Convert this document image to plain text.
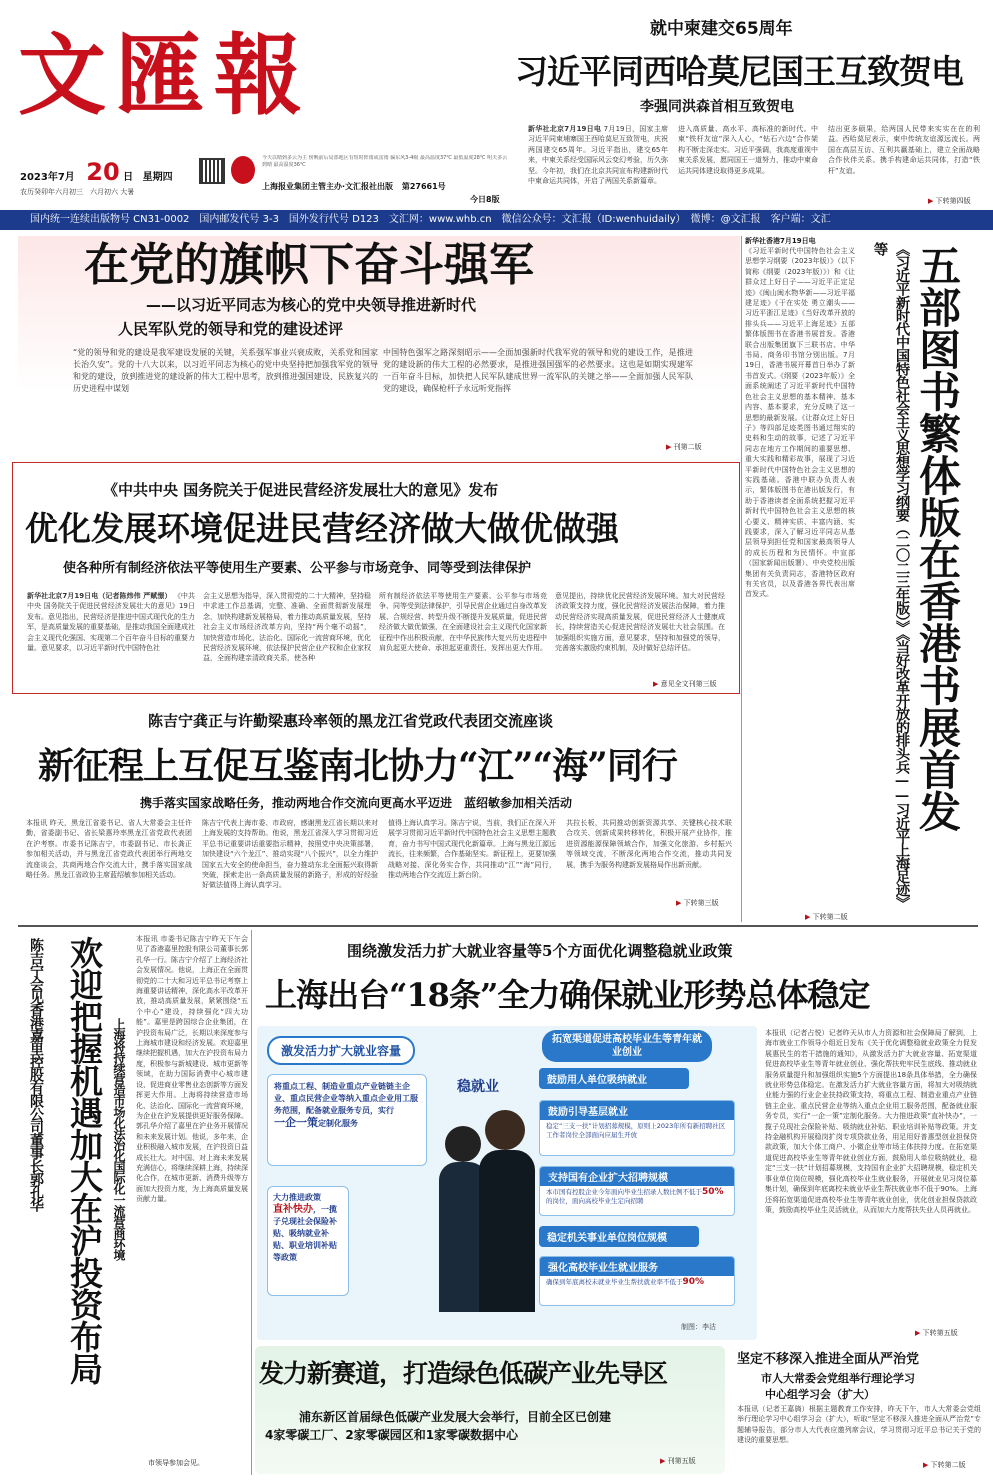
文匯報
2023年7月 20 日 星期四
农历癸卯年六月初三　六月初六 大暑
今天以晴到多云为主 傍晚前后局部地区有短时阵雨或雷雨 偏东风3-4级 最高温度37℃ 最低温度28℃ 明天多云到晴 最高温度36℃
上海报业集团主管主办·文汇报社出版 第27661号
今日8版
就中柬建交65周年
习近平同西哈莫尼国王互致贺电
李强同洪森首相互致贺电
新华社北京7月19日电 7月19日，国家主席习近平同柬埔寨国王西哈莫尼互致贺电，庆祝两国建交65周年。习近平指出，建交65年来，中柬关系经受国际风云变幻考验，历久弥坚。今年初，我们在北京共同宣布构建新时代中柬命运共同体，开启了两国关系新篇章。
进入高质量、高水平、高标准的新时代。中柬“铁杆友谊”深入人心，“钻石六边”合作架构不断走深走实。习近平强调，我高度重视中柬关系发展，愿同国王一道努力，推动中柬命运共同体建设取得更多成果。
结出更多硕果，给两国人民带来实实在在的利益。西哈莫尼表示，柬中传统友谊源远流长。两国在高层互访、互利共赢基础上，建立全面战略合作伙伴关系。携手构建命运共同体，打造“铁杆”友谊。
▶ 下转第四版
国内统一连续出版物号 CN31-0002　国内邮发代号 3-3　国外发行代号 D123　文汇网：www.whb.cn　微信公众号：文汇报（ID:wenhuidaily）　微博：@文汇报　客户端：文汇
在党的旗帜下奋斗强军
——以习近平同志为核心的党中央领导推进新时代
人民军队党的领导和党的建设述评
“党的领导和党的建设是我军建设发展的关键，关系强军事业兴衰成败，关系党和国家长治久安”。党的十八大以来，以习近平同志为核心的党中央坚持把加强我军党的领导和党的建设，放到推进党的建设新的伟大工程中思考，放到推进强国建设、民族复兴的历史进程中谋划
中国特色强军之路深刻昭示——全面加强新时代我军党的领导和党的建设工作，是推进党的建设新的伟大工程的必然要求，是推进强国强军的必然要求。这也是如期实现建军一百年奋斗目标，加快把人民军队建成世界一流军队的关键之举——全面加强人民军队党的建设，确保枪杆子永远听党指挥
▶ 刊第二版
《中共中央 国务院关于促进民营经济发展壮大的意见》发布
优化发展环境促进民营经济做大做优做强
使各种所有制经济依法平等使用生产要素、公平参与市场竞争、同等受到法律保护
新华社北京7月19日电（记者陈炜伟 严赋憬） 《中共中央 国务院关于促进民营经济发展壮大的意见》19日发布。意见指出，民营经济是推进中国式现代化的生力军，是高质量发展的重要基础，是推动我国全面建成社会主义现代化强国、实现第二个百年奋斗目标的重要力量。意见要求，以习近平新时代中国特色社
会主义思想为指导，深入贯彻党的二十大精神，坚持稳中求进工作总基调，完整、准确、全面贯彻新发展理念，加快构建新发展格局，着力推动高质量发展，坚持社会主义市场经济改革方向，坚持“两个毫不动摇”，加快营造市场化、法治化、国际化一流营商环境，优化民营经济发展环境，依法保护民营企业产权和企业家权益，全面构建亲清政商关系，使各种
所有制经济依法平等使用生产要素、公平参与市场竞争、同等受到法律保护，引导民营企业通过自身改革发展、合规经营、转型升级不断提升发展质量，促进民营经济做大做优做强，在全面建设社会主义现代化国家新征程中作出积极贡献，在中华民族伟大复兴历史进程中肩负起更大使命、承担起更重责任、发挥出更大作用。
意见提出，持续优化民营经济发展环境。加大对民营经济政策支持力度，强化民营经济发展法治保障，着力推动民营经济实现高质量发展，促进民营经济人士健康成长，持续营造关心促进民营经济发展壮大社会氛围。在加强组织实施方面，意见要求，坚持和加强党的领导，完善落实激励约束机制，及时做好总结评估。
▶ 意见全文刊第三版
陈吉宁龚正与许勤梁惠玲率领的黑龙江省党政代表团交流座谈
新征程上互促互鉴南北协力“江”“海”同行
携手落实国家战略任务，推动两地合作交流向更高水平迈进　蓝绍敏参加相关活动
本报讯 昨天，黑龙江省委书记、省人大常委会主任许勤，省委副书记、省长梁惠玲率黑龙江省党政代表团在沪考察。市委书记陈吉宁，市委副书记、市长龚正参加相关活动，并与黑龙江省党政代表团举行两地交流座谈会，共商两地合作交流大计，携手落实国家战略任务。黑龙江省政协主席蓝绍敏参加相关活动。
陈吉宁代表上海市委、市政府，感谢黑龙江省长期以来对上海发展的支持帮助。他说，黑龙江省深入学习贯彻习近平总书记重要讲话重要指示精神，按照党中央决策部署，加快建设“六个龙江”、推动实现“八个振兴”，以全力维护国家五大安全的使命担当，奋力推动东北全面振兴取得新突破，探索走出一条高质量发展的新路子，形成的好经验好做法值得上海认真学习。
值得上海认真学习。陈吉宁说，当前，我们正在深入开展学习贯彻习近平新时代中国特色社会主义思想主题教育，奋力书写中国式现代化新篇章。上海与黑龙江源远流长，往来频繁，合作基础坚实。新征程上，更要加强战略对接、深化务实合作，共同推动“江”“海”同行，推动两地合作交流迈上新台阶。
共拉长板，共同推动创新资源共享、关键核心技术联合攻关、创新成果转移转化，积极开展产业协作，推进资源能源保障领域合作，加强文化旅游、乡村振兴等领域交流，不断深化两地合作交流，推动共同发展，携手为服务构建新发展格局作出新贡献。
▶ 下转第三版
新华社香港7月19日电
《习近平新时代中国特色社会主义思想学习纲要（2023年版）》（以下简称《纲要（2023年版）》）和《让群众过上好日子——习近平正定足迹》《闽山闽水物华新——习近平福建足迹》《干在实处 勇立潮头——习近平浙江足迹》《当好改革开放的排头兵——习近平上海足迹》五部繁体版图书在香港书展首发。香港联合出版集团旗下三联书店、中华书局、商务印书馆分别出版。7月19日，香港书展开幕首日举办了新书首发式。《纲要（2023年版）》全面系统阐述了习近平新时代中国特色社会主义思想的基本精神、基本内容、基本要求，充分反映了这一思想的最新发展。《让群众过上好日子》等四部足迹类图书通过翔实的史料和生动的故事，记述了习近平同志在地方工作期间的重要思想、重大实践和精彩故事，展现了习近平新时代中国特色社会主义思想的实践基础。香港中联办负责人表示，繁体版图书在港出版发行，有助于香港读者全面系统把握习近平新时代中国特色社会主义思想的核心要义、精神实质、丰富内涵、实践要求，深入了解习近平同志从基层领导到担任党和国家最高领导人的成长历程和为民情怀。中宣部（国家新闻出版署）、中央党校出版集团有关负责同志，香港特区政府有关官员，以及香港各界代表出席首发式。	五部图书繁体版在香港书展首发
《习近平新时代中国特色社会主义思想学习纲要（二〇二三年版）》《当好改革开放的排头兵——习近平上海足迹》等
▶ 下转第二版
欢迎把握机遇加大在沪投资布局
陈吉宁会见香港嘉里控股有限公司董事长郭孔华	上海将持续营造市场化法治化国际化一流营商环境
本报讯 市委书记陈吉宁昨天下午会见了香港嘉里控股有限公司董事长郭孔华一行。陈吉宁介绍了上海经济社会发展情况。他说，上海正在全面贯彻党的二十大和习近平总书记考察上海重要讲话精神，深化高水平改革开放，推动高质量发展，紧紧围绕“五个中心”建设，持续强化“四大功能”。嘉里是跨国综合企业集团，在沪投资布局广泛，长期以来深度参与上海城市建设和经济发展。欢迎嘉里继续把握机遇，加大在沪投资布局力度，积极参与新城建设、城市更新等领域，在助力国际消费中心城市建设、促进商业零售业态创新等方面发挥更大作用。上海将持续营造市场化、法治化、国际化一流营商环境，为企业在沪发展提供更好服务保障。郭孔华介绍了嘉里在沪业务开展情况和未来发展计划。他说，多年来，企业积极融入城市发展，在沪投资日益成长壮大。对中国、对上海未来发展充满信心，将继续深耕上海，持续深化合作，在城市更新、消费升级等方面加大投资力度，为上海高质量发展贡献力量。
市领导参加会见。
围绕激发活力扩大就业容量等5个方面优化调整稳就业政策
上海出台“18条”全力确保就业形势总体稳定
激发活力扩大就业容量
拓宽渠道促进高校毕业生等青年就业创业
稳就业
将重点工程、制造业重点产业链链主企业、重点民营企业等纳入重点企业用工服务范围，配备就业服务专员，实行
一企一策定制化服务
大力推进政策
直补快办，一揽子兑现社会保险补贴、吸纳就业补贴、职业培训补贴等政策
鼓励用人单位吸纳就业
鼓励引导基层就业
稳定“三支一扶”计划招募规模，原则上2023年所有新招聘社区工作者岗位全部面向应届生开放
支持国有企业扩大招聘规模
本市国有控股企业今年面向毕业生招录人数比例不低于50%的岗位，面向高校毕业生定向招聘
稳定机关事业单位岗位规模
强化高校毕业生就业服务
确保到年底离校未就业毕业生帮扶就业率不低于90%
制图：李沽
本报讯（记者占悦）记者昨天从市人力资源和社会保障局了解到，上海市就业工作领导小组近日发布《关于优化调整稳就业政策全力促发展惠民生的若干措施的通知》，从激发活力扩大就业容量、拓宽渠道促进高校毕业生等青年就业创业、强化帮扶兜牢民生底线、推动就业服务质量提升和加强组织实施5个方面提出18条具体举措，全力确保就业形势总体稳定。在激发活力扩大就业容量方面，将加大对吸纳就业能力强的行业企业扶持政策支持，将重点工程、制造业重点产业链链主企业、重点民营企业等纳入重点企业用工服务范围，配备就业服务专员，实行“一企一策”定制化服务。大力推进政策“直补快办”，一揽子兑现社会保险补贴、吸纳就业补贴、职业培训补贴等政策。并支持金融机构开展稳岗扩岗专项贷款业务，用足用好普惠型创业担保贷款政策，加大个体工商户、小微企业等市场主体扶持力度。在拓宽渠道促进高校毕业生等青年就业创业方面，鼓励用人单位吸纳就业，稳定“三支一扶”计划招募规模，支持国有企业扩大招聘规模，稳定机关事业单位岗位规模，强化高校毕业生就业服务，开展就业见习岗位募集计划，确保到年底离校未就业毕业生帮扶就业率不低于90%。上海还将拓宽渠道促进高校毕业生等青年就业创业，优化创业担保贷款政策，鼓励高校毕业生灵活就业，从而加大力度帮扶失业人员再就业。
▶ 下转第五版
发力新赛道，打造绿色低碳产业先导区
浦东新区首届绿色低碳产业发展大会举行，目前全区已创建
4家零碳工厂、2家零碳园区和1家零碳数据中心
▶ 刊第五版
坚定不移深入推进全面从严治党
市人大常委会党组举行理论学习
中心组学习会（扩大）
本报讯（记者王嘉旖）根据主题教育工作安排，昨天下午，市人大常委会党组举行理论学习中心组学习会（扩大），听取“坚定不移深入推进全面从严治党”专题辅导报告，部分市人大代表应邀列席会议，学习贯彻习近平总书记关于党的建设的重要思想。
▶ 下转第二版
